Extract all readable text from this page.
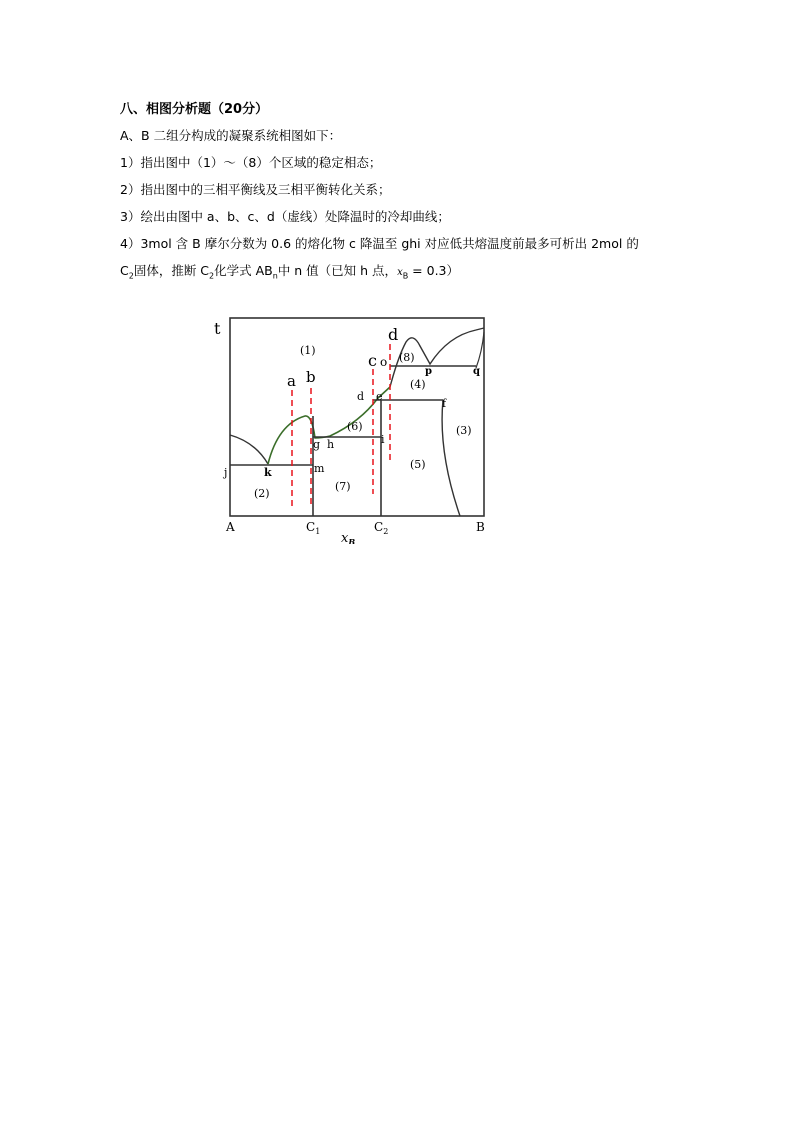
八、相图分析题（20分）
A、B 二组分构成的凝聚系统相图如下：
1）指出图中（1）～（8）个区域的稳定相态；
2）指出图中的三相平衡线及三相平衡转化关系；
3）绘出由图中 a、b、c、d（虚线）处降温时的冷却曲线；
4）3mol 含 B 摩尔分数为 0.6 的熔化物 c 降温至 ghi 对应低共熔温度前最多可析出 2mol 的
$C_2$固体，推断 $C_2$化学式 $AB_n$中 n 值（已知 h 点，$x_B = 0.3$）
t
a b
c
d
(1)
(2)
(3)
(4)
(5)
(6)
(7)
(8)
j	k	m
g h	i
d e
f
o
p	q
A	$C_1$	$C_2$	B
$x_B$
